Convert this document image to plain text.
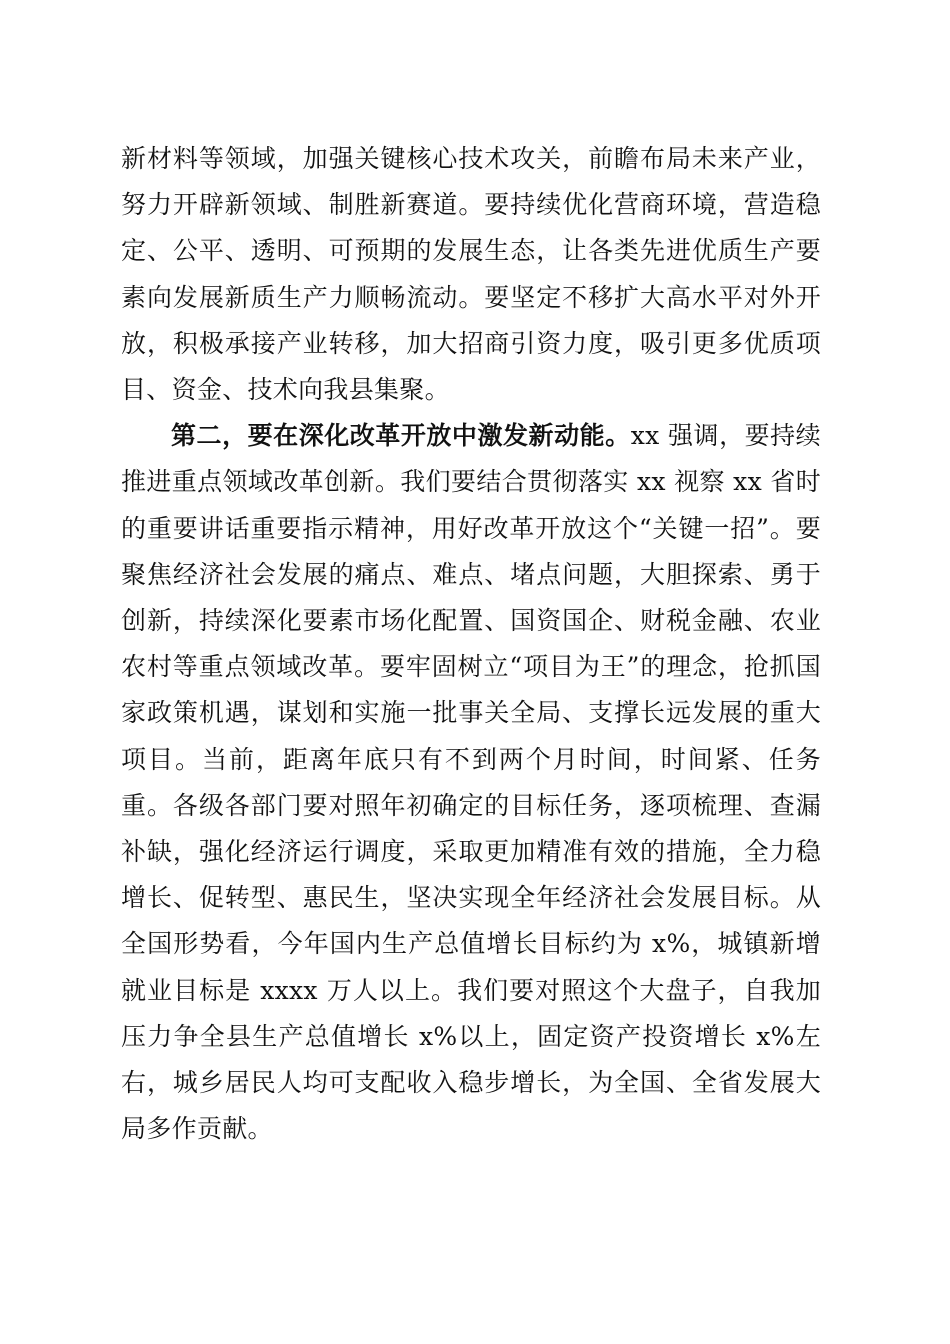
新材料等领域，加强关键核心技术攻关，前瞻布局未来产业，努力开辟新领域、制胜新赛道。要持续优化营商环境，营造稳定、公平、透明、可预期的发展生态，让各类先进优质生产要素向发展新质生产力顺畅流动。要坚定不移扩大高水平对外开放，积极承接产业转移，加大招商引资力度，吸引更多优质项目、资金、技术向我县集聚。

第二，要在深化改革开放中激发新动能。xx 强调，要持续推进重点领域改革创新。我们要结合贯彻落实 xx 视察 xx 省时的重要讲话重要指示精神，用好改革开放这个“关键一招”。要聚焦经济社会发展的痛点、难点、堵点问题，大胆探索、勇于创新，持续深化要素市场化配置、国资国企、财税金融、农业农村等重点领域改革。要牢固树立“项目为王”的理念，抢抓国家政策机遇，谋划和实施一批事关全局、支撑长远发展的重大项目。当前，距离年底只有不到两个月时间，时间紧、任务重。各级各部门要对照年初确定的目标任务，逐项梳理、查漏补缺，强化经济运行调度，采取更加精准有效的措施，全力稳增长、促转型、惠民生，坚决实现全年经济社会发展目标。从全国形势看，今年国内生产总值增长目标约为 x%，城镇新增就业目标是 xxxx 万人以上。我们要对照这个大盘子，自我加压力争全县生产总值增长 x%以上，固定资产投资增长 x%左右，城乡居民人均可支配收入稳步增长，为全国、全省发展大局多作贡献。
